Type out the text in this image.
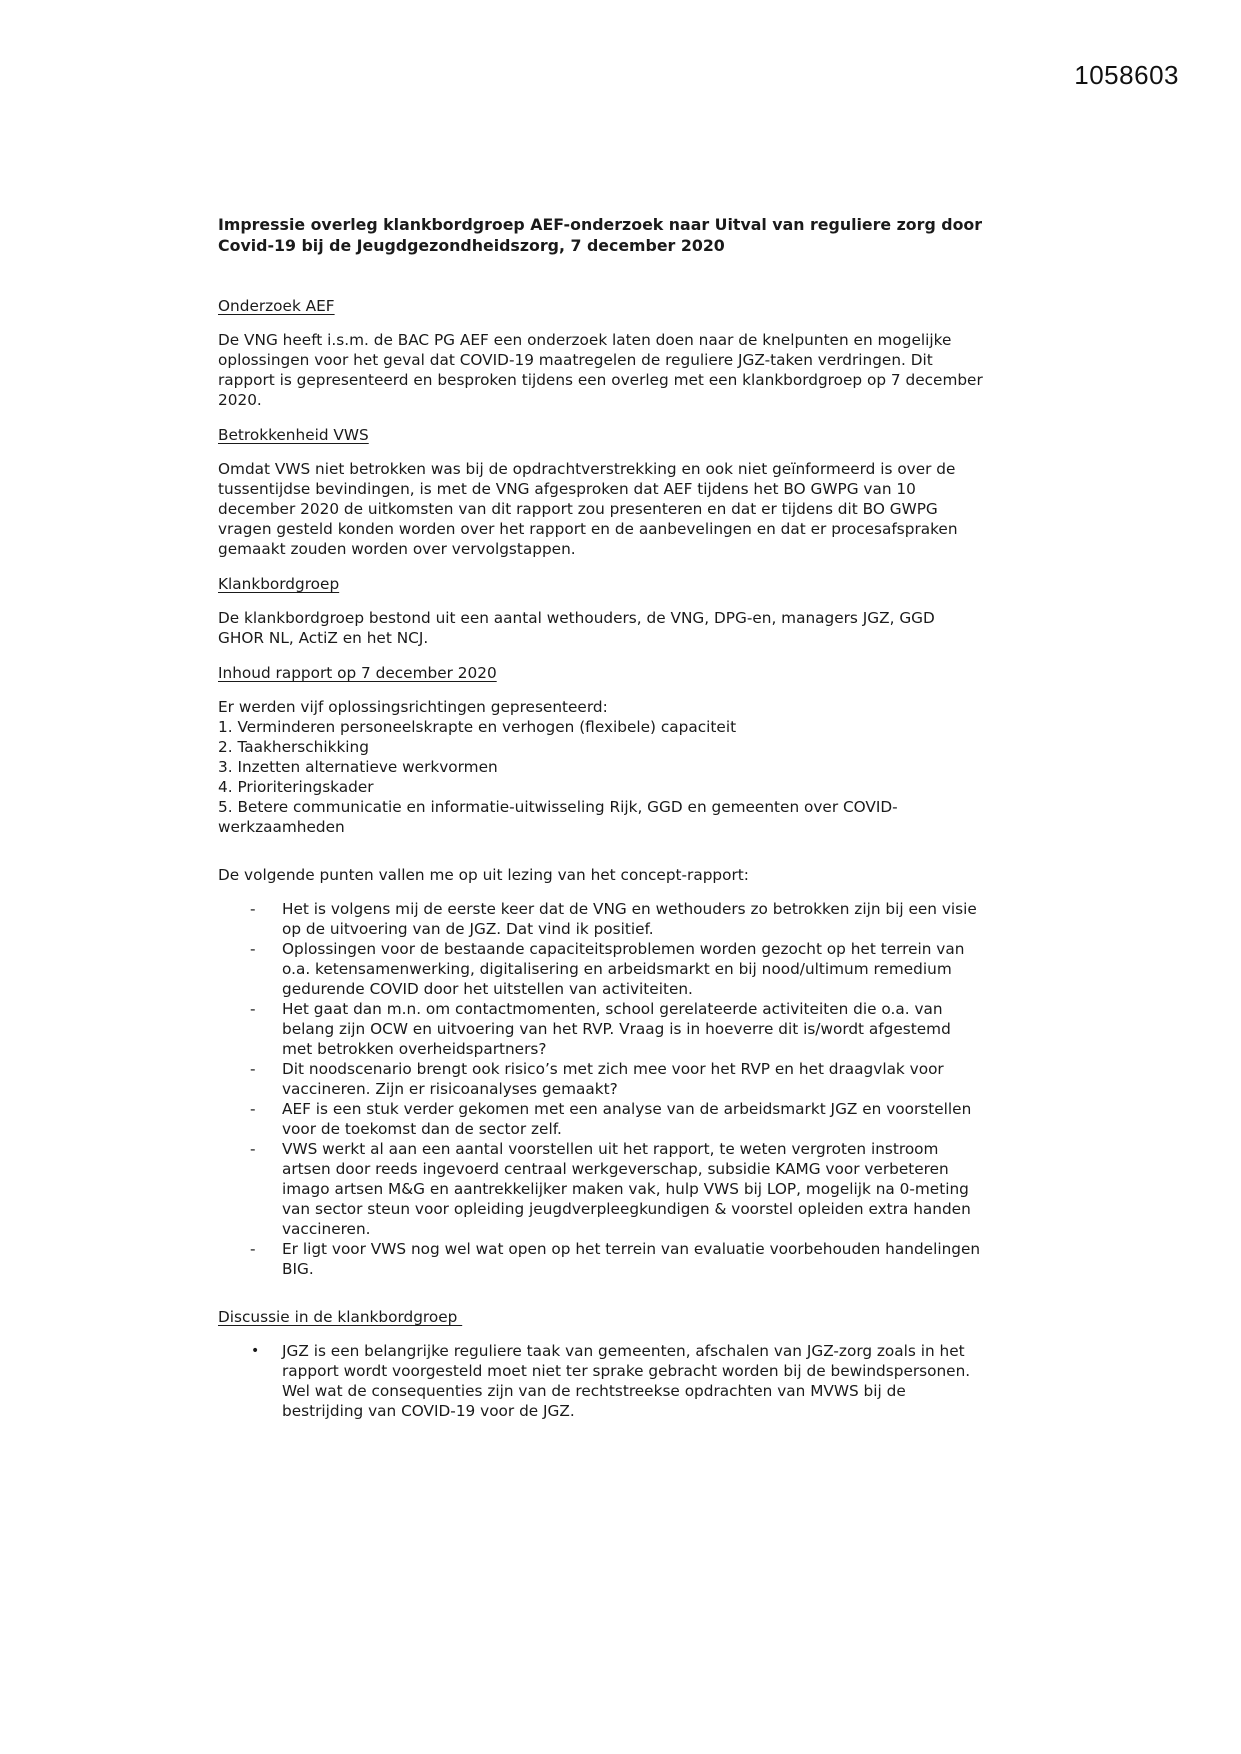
1058603
Impressie overleg klankbordgroep AEF-onderzoek naar Uitval van reguliere zorg door
Covid-19 bij de Jeugdgezondheidszorg, 7 december 2020
Onderzoek AEF
De VNG heeft i.s.m. de BAC PG AEF een onderzoek laten doen naar de knelpunten en mogelijke
oplossingen voor het geval dat COVID-19 maatregelen de reguliere JGZ-taken verdringen. Dit
rapport is gepresenteerd en besproken tijdens een overleg met een klankbordgroep op 7 december
2020.
Betrokkenheid VWS
Omdat VWS niet betrokken was bij de opdrachtverstrekking en ook niet geïnformeerd is over de
tussentijdse bevindingen, is met de VNG afgesproken dat AEF tijdens het BO GWPG van 10
december 2020 de uitkomsten van dit rapport zou presenteren en dat er tijdens dit BO GWPG
vragen gesteld konden worden over het rapport en de aanbevelingen en dat er procesafspraken
gemaakt zouden worden over vervolgstappen.
Klankbordgroep
De klankbordgroep bestond uit een aantal wethouders, de VNG, DPG-en, managers JGZ, GGD
GHOR NL, ActiZ en het NCJ.
Inhoud rapport op 7 december 2020
Er werden vijf oplossingsrichtingen gepresenteerd:
1. Verminderen personeelskrapte en verhogen (flexibele) capaciteit
2. Taakherschikking
3. Inzetten alternatieve werkvormen
4. Prioriteringskader
5. Betere communicatie en informatie-uitwisseling Rijk, GGD en gemeenten over COVID-
werkzaamheden
De volgende punten vallen me op uit lezing van het concept-rapport:
- Het is volgens mij de eerste keer dat de VNG en wethouders zo betrokken zijn bij een visie
op de uitvoering van de JGZ. Dat vind ik positief.
- Oplossingen voor de bestaande capaciteitsproblemen worden gezocht op het terrein van
o.a. ketensamenwerking, digitalisering en arbeidsmarkt en bij nood/ultimum remedium
gedurende COVID door het uitstellen van activiteiten.
- Het gaat dan m.n. om contactmomenten, school gerelateerde activiteiten die o.a. van
belang zijn OCW en uitvoering van het RVP. Vraag is in hoeverre dit is/wordt afgestemd
met betrokken overheidspartners?
- Dit noodscenario brengt ook risico’s met zich mee voor het RVP en het draagvlak voor
vaccineren. Zijn er risicoanalyses gemaakt?
- AEF is een stuk verder gekomen met een analyse van de arbeidsmarkt JGZ en voorstellen
voor de toekomst dan de sector zelf.
- VWS werkt al aan een aantal voorstellen uit het rapport, te weten vergroten instroom
artsen door reeds ingevoerd centraal werkgeverschap, subsidie KAMG voor verbeteren
imago artsen M&G en aantrekkelijker maken vak, hulp VWS bij LOP, mogelijk na 0-meting
van sector steun voor opleiding jeugdverpleegkundigen & voorstel opleiden extra handen
vaccineren.
- Er ligt voor VWS nog wel wat open op het terrein van evaluatie voorbehouden handelingen
BIG.
Discussie in de klankbordgroep
• JGZ is een belangrijke reguliere taak van gemeenten, afschalen van JGZ-zorg zoals in het
rapport wordt voorgesteld moet niet ter sprake gebracht worden bij de bewindspersonen.
Wel wat de consequenties zijn van de rechtstreekse opdrachten van MVWS bij de
bestrijding van COVID-19 voor de JGZ.
